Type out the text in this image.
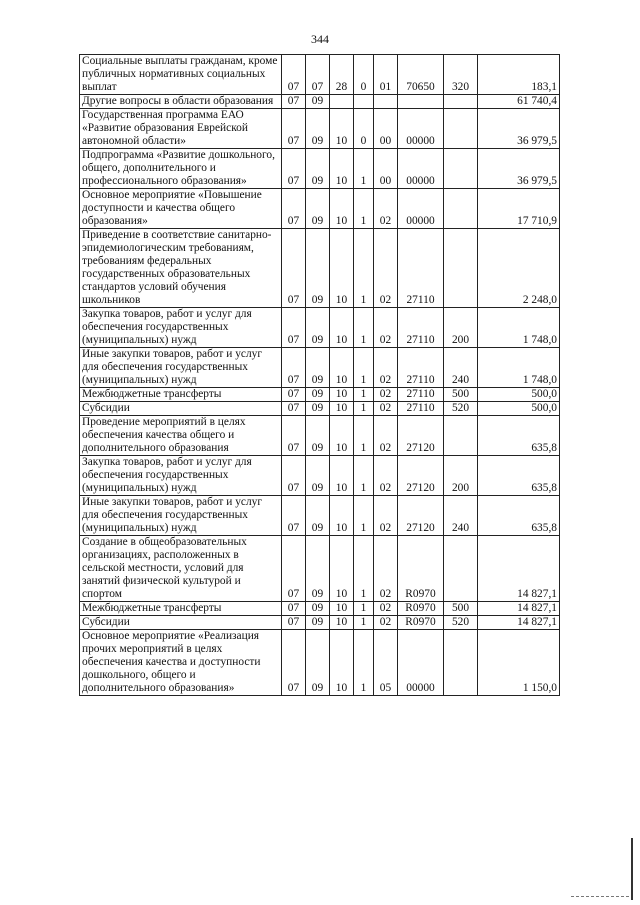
344
Социальные выплаты гражданам, кроме публичных нормативных социальных выплат	07	07	28	0	01	70650	320	183,1
Другие вопросы в области образования	07	09						61 740,4
Государственная программа ЕАО «Развитие образования Еврейской автономной области»	07	09	10	0	00	00000		36 979,5
Подпрограмма «Развитие дошкольного, общего, дополнительного и профессионального образования»	07	09	10	1	00	00000		36 979,5
Основное мероприятие «Повышение доступности и качества общего образования»	07	09	10	1	02	00000		17 710,9
Приведение в соответствие санитарно-эпидемиологическим требованиям, требованиям федеральных государственных образовательных стандартов условий обучения школьников	07	09	10	1	02	27110		2 248,0
Закупка товаров, работ и услуг для обеспечения государственных (муниципальных) нужд	07	09	10	1	02	27110	200	1 748,0
Иные закупки товаров, работ и услуг для обеспечения государственных (муниципальных) нужд	07	09	10	1	02	27110	240	1 748,0
Межбюджетные трансферты	07	09	10	1	02	27110	500	500,0
Субсидии	07	09	10	1	02	27110	520	500,0
Проведение мероприятий в целях обеспечения качества общего и дополнительного образования	07	09	10	1	02	27120		635,8
Закупка товаров, работ и услуг для обеспечения государственных (муниципальных) нужд	07	09	10	1	02	27120	200	635,8
Иные закупки товаров, работ и услуг для обеспечения государственных (муниципальных) нужд	07	09	10	1	02	27120	240	635,8
Создание в общеобразовательных организациях, расположенных в сельской местности, условий для занятий физической культурой и спортом	07	09	10	1	02	R0970		14 827,1
Межбюджетные трансферты	07	09	10	1	02	R0970	500	14 827,1
Субсидии	07	09	10	1	02	R0970	520	14 827,1
Основное мероприятие «Реализация прочих мероприятий в целях обеспечения качества и доступности дошкольного, общего и дополнительного образования»	07	09	10	1	05	00000		1 150,0
